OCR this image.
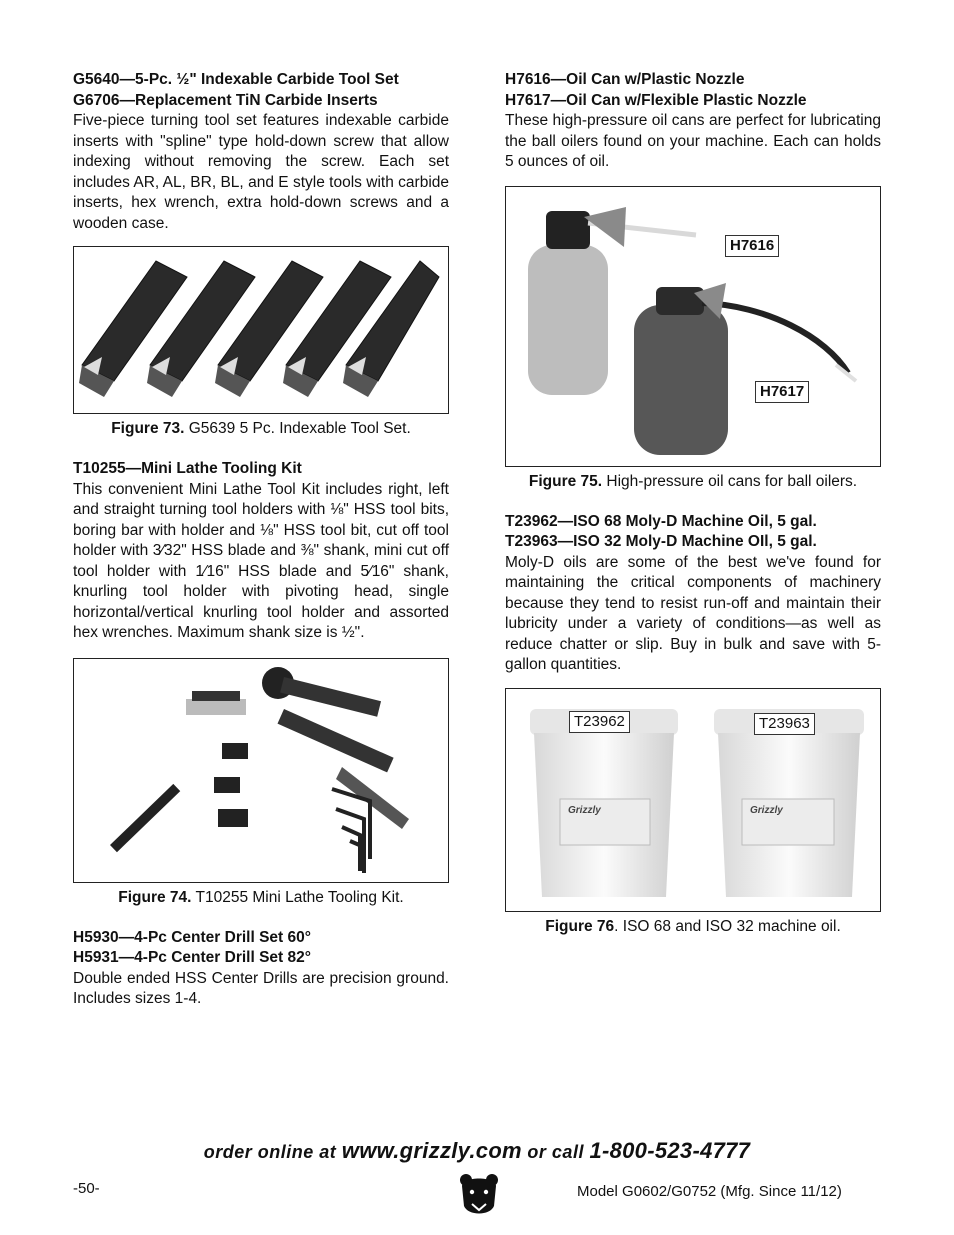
G5640—5-Pc. ½" Indexable Carbide Tool Set

G6706—Replacement TiN Carbide Inserts

Five-piece turning tool set features indexable carbide inserts with "spline" type hold-down screw that allow indexing without removing the screw. Each set includes AR, AL, BR, BL, and E style tools with carbide inserts, hex wrench, extra hold-down screws and a wooden case.

Figure 73. G5639 5 Pc. Indexable Tool Set.

T10255—Mini Lathe Tooling Kit

This convenient Mini Lathe Tool Kit includes right, left and straight turning tool holders with ⅛" HSS tool bits, boring bar with holder and ⅛" HSS tool bit, cut off tool holder with 3⁄32" HSS blade and ⅜" shank, mini cut off tool holder with 1⁄16" HSS blade and 5⁄16" shank, knurling tool holder with pivoting head, single horizontal/vertical knurling tool holder and assorted hex wrenches. Maximum shank size is ½".

Figure 74. T10255 Mini Lathe Tooling Kit.

H5930—4-Pc Center Drill Set 60°

H5931—4-Pc Center Drill Set 82°

Double ended HSS Center Drills are precision ground. Includes sizes 1-4.

H7616—Oil Can w/Plastic Nozzle

H7617—Oil Can w/Flexible Plastic Nozzle

These high-pressure oil cans are perfect for lubricating the ball oilers found on your machine. Each can holds 5 ounces of oil.

H7616
H7617

Figure 75. High-pressure oil cans for ball oilers.

T23962—ISO 68 Moly-D Machine Oil, 5 gal.

T23963—ISO 32 Moly-D Machine OIl, 5 gal.

Moly-D oils are some of the best we've found for maintaining the critical components of machinery because they tend to resist run-off and maintain their lubricity under a variety of conditions—as well as reduce chatter or slip. Buy in bulk and save with 5-gallon quantities.

Grizzly	Grizzly
T23962	T23963

Figure 76. ISO 68 and ISO 32 machine oil.

order online at www.grizzly.com or call 1-800-523-4777
-50-	Model G0602/G0752 (Mfg. Since 11/12)
